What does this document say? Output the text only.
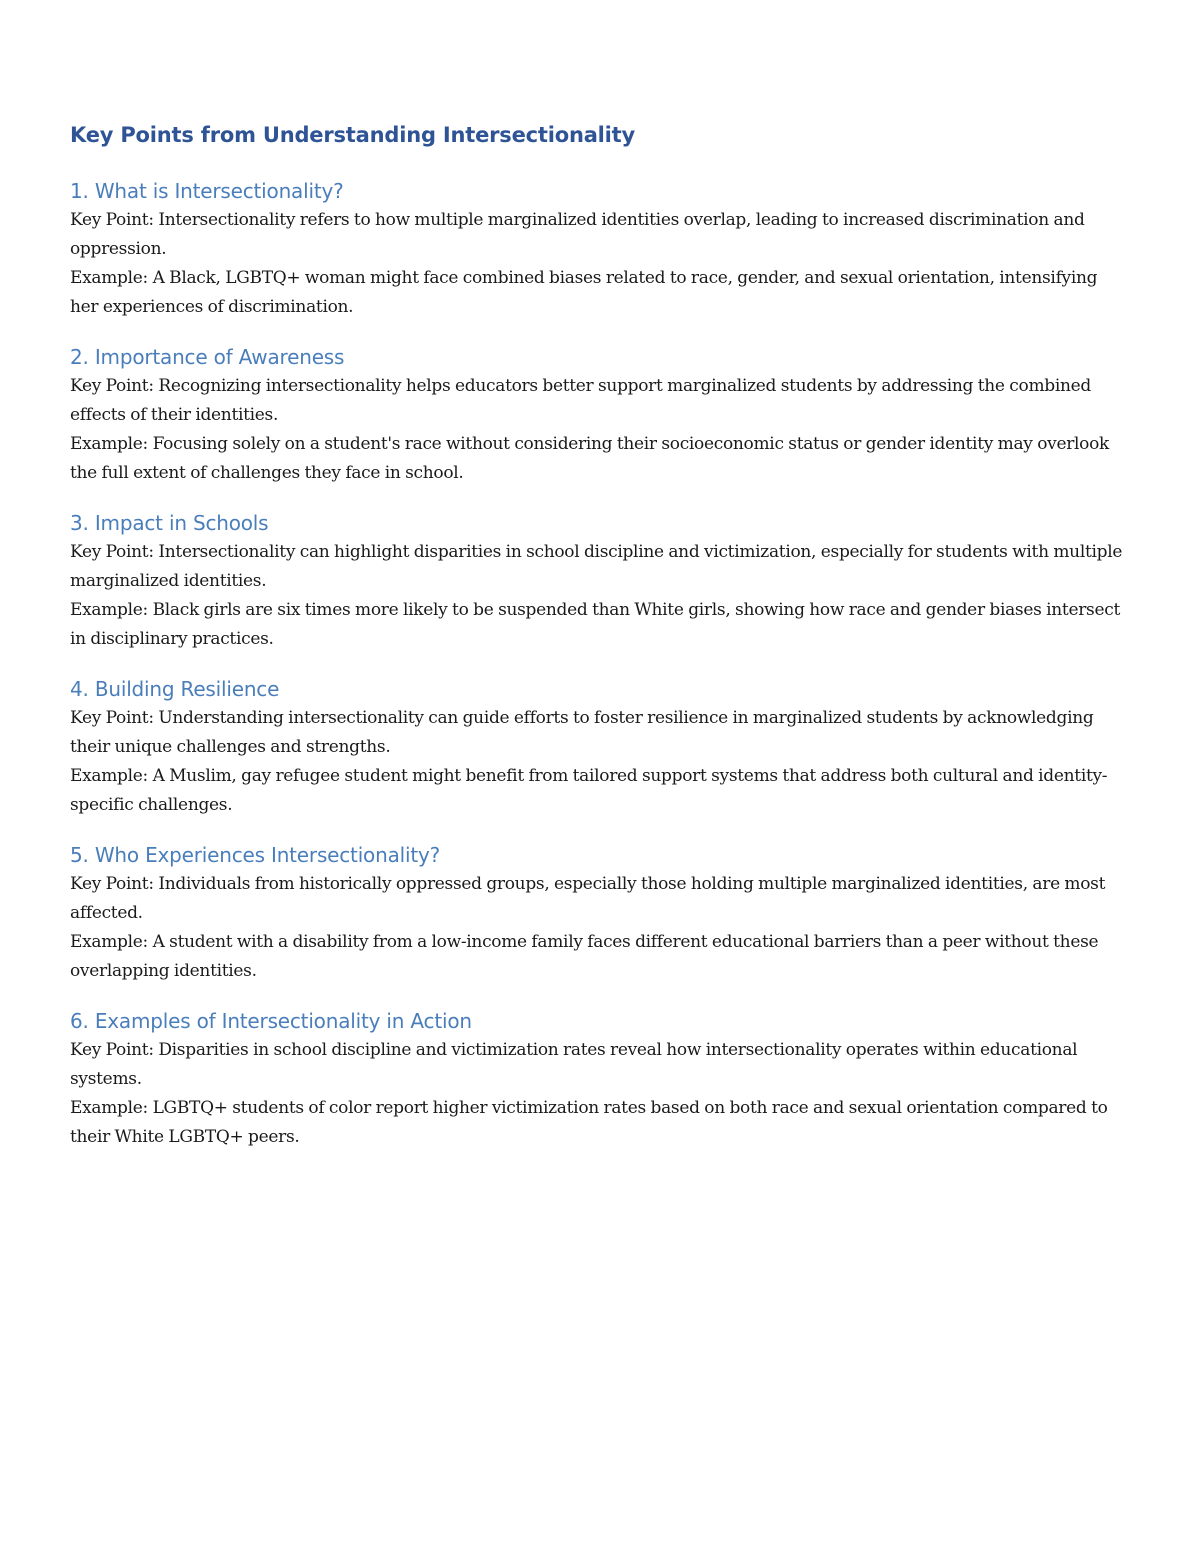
Key Points from Understanding Intersectionality
1. What is Intersectionality?

Key Point: Intersectionality refers to how multiple marginalized identities overlap, leading to increased discrimination and oppression.

Example: A Black, LGBTQ+ woman might face combined biases related to race, gender, and sexual orientation, intensifying her experiences of discrimination.

2. Importance of Awareness

Key Point: Recognizing intersectionality helps educators better support marginalized students by addressing the combined effects of their identities.

Example: Focusing solely on a student's race without considering their socioeconomic status or gender identity may overlook the full extent of challenges they face in school.

3. Impact in Schools

Key Point: Intersectionality can highlight disparities in school discipline and victimization, especially for students with multiple marginalized identities.

Example: Black girls are six times more likely to be suspended than White girls, showing how race and gender biases intersect in disciplinary practices.

4. Building Resilience

Key Point: Understanding intersectionality can guide efforts to foster resilience in marginalized students by acknowledging their unique challenges and strengths.

Example: A Muslim, gay refugee student might benefit from tailored support systems that address both cultural and identity-specific challenges.

5. Who Experiences Intersectionality?

Key Point: Individuals from historically oppressed groups, especially those holding multiple marginalized identities, are most affected.

Example: A student with a disability from a low-income family faces different educational barriers than a peer without these overlapping identities.

6. Examples of Intersectionality in Action

Key Point: Disparities in school discipline and victimization rates reveal how intersectionality operates within educational systems.

Example: LGBTQ+ students of color report higher victimization rates based on both race and sexual orientation compared to their White LGBTQ+ peers.
